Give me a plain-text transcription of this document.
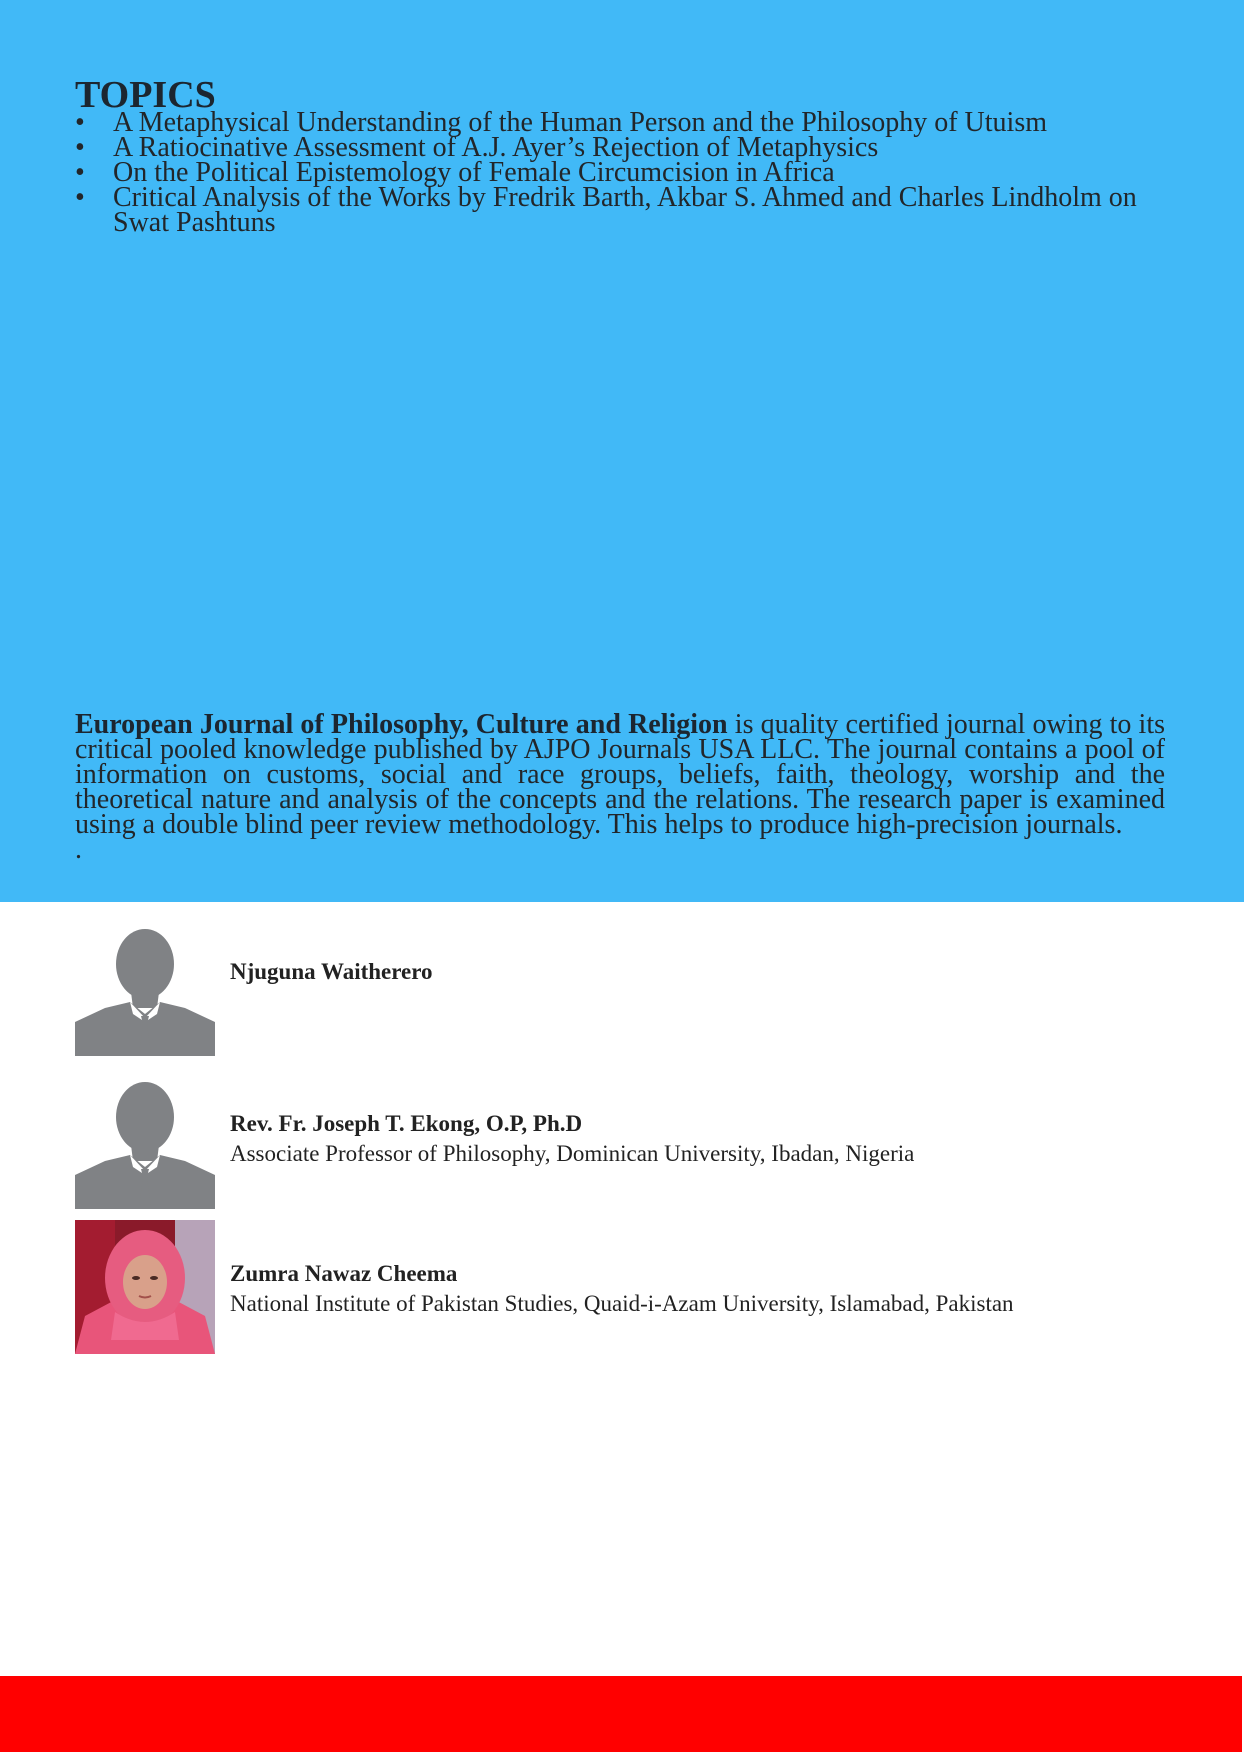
TOPICS
•	A Metaphysical Understanding of the Human Person and the Philosophy of Utuism
•	A Ratiocinative Assessment of A.J. Ayer’s Rejection of Metaphysics
•	On the Political Epistemology of Female Circumcision in Africa
•	Critical Analysis of the Works by Fredrik Barth, Akbar S. Ahmed and Charles Lindholm on Swat Pashtuns

European Journal of Philosophy, Culture and Religion is quality certified journal owing to its critical pooled knowledge published by AJPO Journals USA LLC. The journal contains a pool of information on customs, social and race groups, beliefs, faith, theology, worship and the theoretical nature and analysis of the concepts and the relations. The research paper is examined using a double blind peer review methodology. This helps to produce high-precision journals.
.

Njuguna Waitherero
Rev. Fr. Joseph T. Ekong, O.P, Ph.D
Associate Professor of Philosophy, Dominican University, Ibadan, Nigeria
Zumra Nawaz Cheema
National Institute of Pakistan Studies, Quaid-i-Azam University, Islamabad, Pakistan
